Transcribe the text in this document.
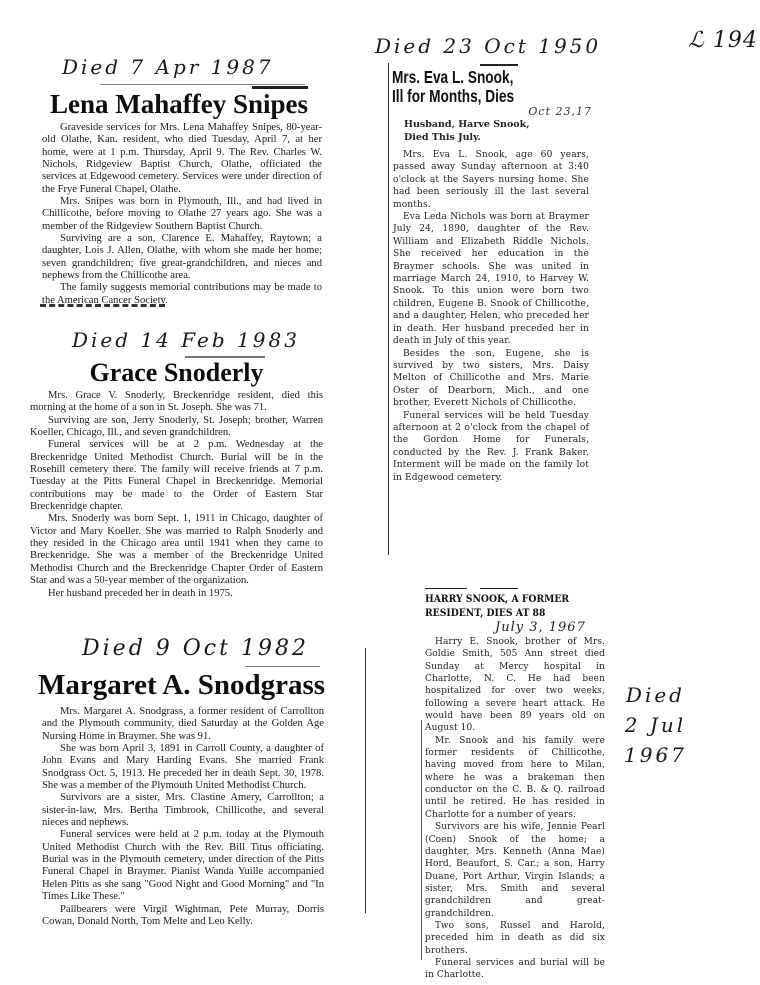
ℒ 194
Died 7 Apr 1987
Lena Mahaffey Snipes

Graveside services for Mrs. Lena Mahaffey Snipes, 80-year-old Olathe, Kan. resident, who died Tuesday, April 7, at her home, were at 1 p.m. Thursday, April 9. The Rev. Charles W. Nichols, Ridgeview Baptist Church, Olathe, officiated the services at Edgewood cemetery. Services were under direction of the Frye Funeral Chapel, Olathe.

Mrs. Snipes was born in Plymouth, Ill., and had lived in Chillicothe, before moving to Olathe 27 years ago. She was a member of the Ridgeview Southern Baptist Church.

Surviving are a son, Clarence E. Mahaffey, Raytown; a daughter, Lois J. Allen, Olathe, with whom she made her home; seven grandchildren; five great-grandchildren, and nieces and nephews from the Chillicothe area.

The family suggests memorial contributions may be made to the American Cancer Society.

Died 14 Feb 1983
Grace Snoderly

Mrs. Grace V. Snoderly, Breckenridge resident, died this morning at the home of a son in St. Joseph. She was 71.

Surviving are son, Jerry Snoderly, St. Joseph; brother, Warren Koeller, Chicago, Ill., and seven grandchildren.

Funeral services will be at 2 p.m. Wednesday at the Breckenridge United Methodist Church. Burial will be in the Rosehill cemetery there. The family will receive friends at 7 p.m. Tuesday at the Pitts Funeral Chapel in Breckenridge. Memorial contributions may be made to the Order of Eastern Star Breckenridge chapter.

Mrs. Snoderly was born Sept. 1, 1911 in Chicago, daughter of Victor and Mary Koeller. She was married to Ralph Snoderly and they resided in the Chicago area until 1941 when they came to Breckenridge. She was a member of the Breckenridge United Methodist Church and the Breckenridge Chapter Order of Eastern Star and was a 50-year member of the organization.

Her husband preceded her in death in 1975.

Died 9 Oct 1982
Margaret A. Snodgrass

Mrs. Margaret A. Snodgrass, a former resident of Carrollton and the Plymouth community, died Saturday at the Golden Age Nursing Home in Braymer. She was 91.

She was born April 3, 1891 in Carroll County, a daughter of John Evans and Mary Harding Evans. She married Frank Snodgrass Oct. 5, 1913. He preceded her in death Sept. 30, 1978. She was a member of the Plymouth United Methodist Church.

Survivors are a sister, Mrs. Clastine Amery, Carrollton; a sister-in-law, Mrs. Bertha Timbrook, Chillicothe, and several nieces and nephews.

Funeral services were held at 2 p.m. today at the Plymouth United Methodist Church with the Rev. Bill Titus officiating. Burial was in the Plymouth cemetery, under direction of the Pitts Funeral Chapel in Braymer. Pianist Wanda Yuille accompanied Helen Pitts as she sang "Good Night and Good Morning" and "In Times Like These."

Pallbearers were Virgil Wightman, Pete Murray, Dorris Cowan, Donald North, Tom Melte and Leo Kelly.

Died 23 Oct 1950
Mrs. Eva L. Snook,
Ill for Months, Dies
Oct 23,17
Husband, Harve Snook,
Died This July.

Mrs. Eva L. Snook, age 60 years, passed away Sunday afternoon at 3:40 o'clock at the Sayers nursing home. She had been seriously ill the last several months.

Eva Leda Nichols was born at Braymer July 24, 1890, daughter of the Rev. William and Elizabeth Riddle Nichols. She received her education in the Braymer schools. She was united in marriage March 24, 1910, to Harvey W. Snook. To this union were born two children, Eugene B. Snook of Chillicothe, and a daughter, Helen, who preceded her in death. Her husband preceded her in death in July of this year.

Besides the son, Eugene, she is survived by two sisters, Mrs. Daisy Melton of Chillicothe and Mrs. Marie Oster of Dearborn, Mich., and one brother, Everett Nichols of Chillicothe.

Funeral services will be held Tuesday afternoon at 2 o'clock from the chapel of the Gordon Home for Funerals, conducted by the Rev. J. Frank Baker. Interment will be made on the family lot in Edgewood cemetery.

HARRY SNOOK, A FORMER
RESIDENT, DIES AT 88
July 3, 1967

Harry E. Snook, brother of Mrs. Goldie Smith, 505 Ann street died Sunday at Mercy hospital in Charlotte, N. C. He had been hospitalized for over two weeks, following a severe heart attack. He would have been 89 years old on August 10.

Mr. Snook and his family were former residents of Chillicothe, having moved from here to Milan, where he was a brakeman then conductor on the C. B. & Q. railroad until he retired. He has resided in Charlotte for a number of years.

Survivors are his wife, Jennie Pearl (Coen) Snook of the home; a daughter, Mrs. Kenneth (Anna Mae) Hord, Beaufort, S. Car.; a son, Harry Duane, Port Arthur, Virgin Islands; a sister, Mrs. Smith and several grandchildren and great-grandchildren.

Two sons, Russel and Harold, preceded him in death as did six brothers.

Funeral services and burial will be in Charlotte.

Died
2 Jul
1967
